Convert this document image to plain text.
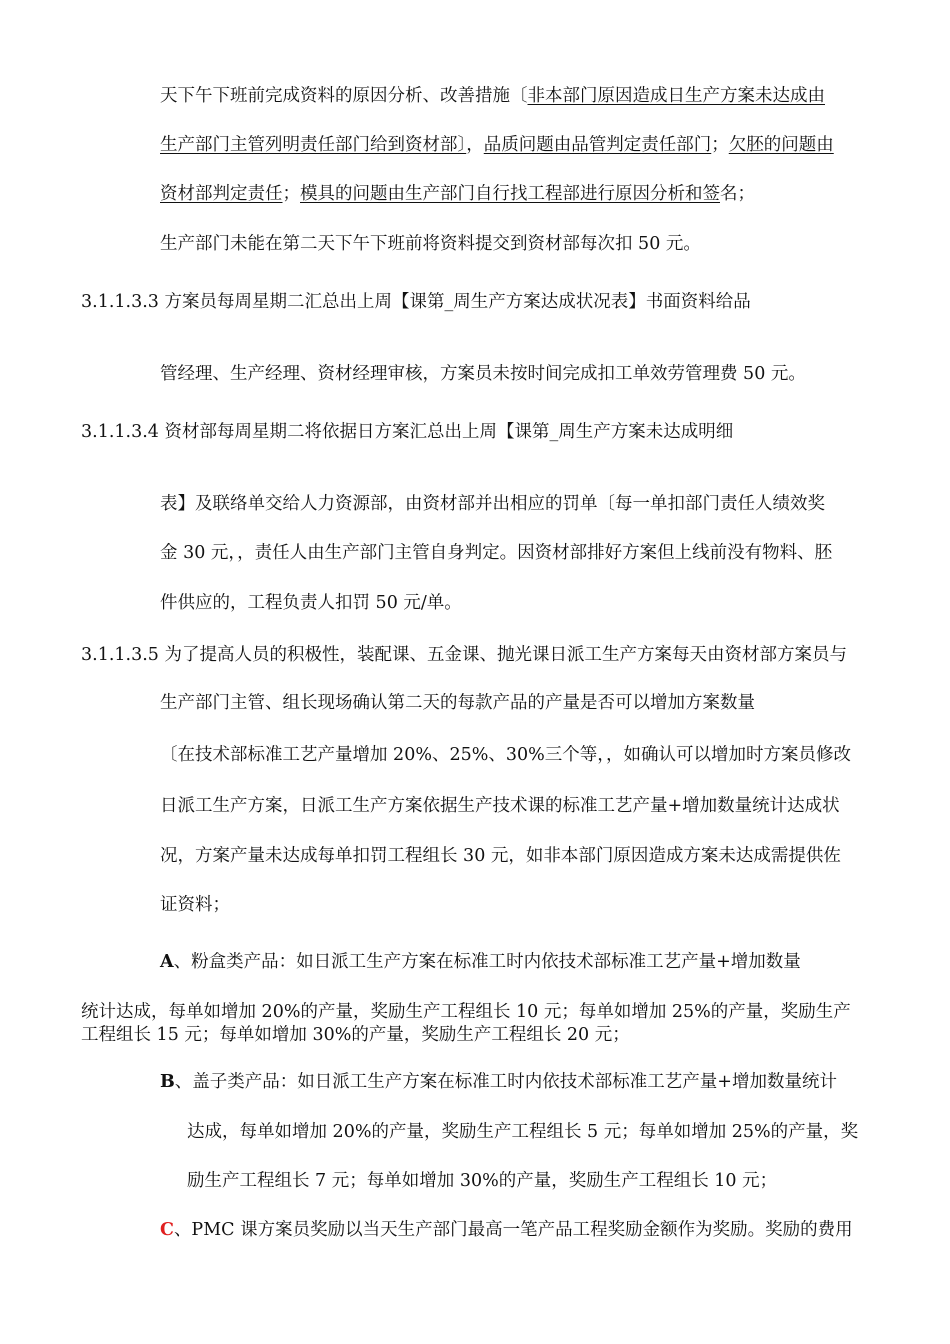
天下午下班前完成资料的原因分析、改善措施〔非本部门原因造成日生产方案未达成由
生产部门主管列明责任部门给到资材部〕，品质问题由品管判定责任部门；欠胚的问题由
资材部判定责任；模具的问题由生产部门自行找工程部进行原因分析和签名；
生产部门未能在第二天下午下班前将资料提交到资材部每次扣 50 元。
3.1.1.3.3 方案员每周星期二汇总出上周【课第_周生产方案达成状况表】书面资料给品
管经理、生产经理、资材经理审核，方案员未按时间完成扣工单效劳管理费 50 元。
3.1.1.3.4 资材部每周星期二将依据日方案汇总出上周【课第_周生产方案未达成明细
表】及联络单交给人力资源部，由资材部并出相应的罚单〔每一单扣部门责任人绩效奖
金 30 元，，责任人由生产部门主管自身判定。因资材部排好方案但上线前没有物料、胚
件供应的，工程负责人扣罚 50 元/单。
3.1.1.3.5 为了提高人员的积极性，装配课、五金课、抛光课日派工生产方案每天由资材部方案员与
生产部门主管、组长现场确认第二天的每款产品的产量是否可以增加方案数量
〔在技术部标准工艺产量增加 20%、25%、30%三个等，，如确认可以增加时方案员修改
日派工生产方案，日派工生产方案依据生产技术课的标准工艺产量+增加数量统计达成状
况，方案产量未达成每单扣罚工程组长 30 元，如非本部门原因造成方案未达成需提供佐
证资料；
A、粉盒类产品：如日派工生产方案在标准工时内依技术部标准工艺产量+增加数量
统计达成，每单如增加 20%的产量，奖励生产工程组长 10 元；每单如增加 25%的产量，奖励生产
工程组长 15 元；每单如增加 30%的产量，奖励生产工程组长 20 元；
B、盖子类产品：如日派工生产方案在标准工时内依技术部标准工艺产量+增加数量统计
达成，每单如增加 20%的产量，奖励生产工程组长 5 元；每单如增加 25%的产量，奖
励生产工程组长 7 元；每单如增加 30%的产量，奖励生产工程组长 10 元；
C、PMC 课方案员奖励以当天生产部门最高一笔产品工程奖励金额作为奖励。奖励的费用
